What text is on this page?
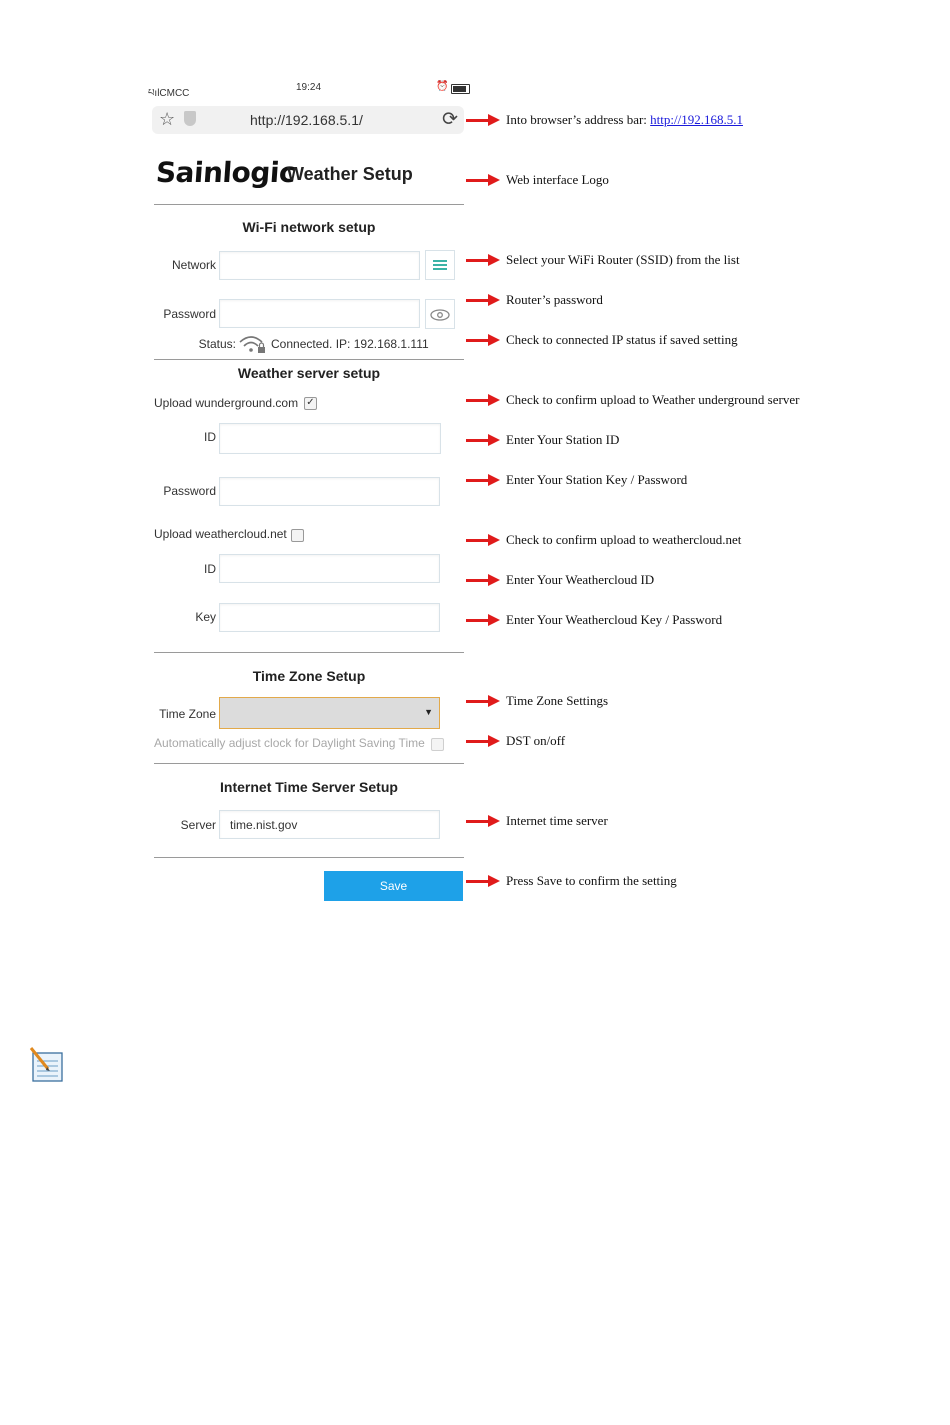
པılCMCC
19:24	⏰
☆	http://192.168.5.1/	⟳
Sainlogic
Weather Setup
Wi-Fi network setup
Network
Password
Status:	Connected. IP: 192.168.1.111
Weather server setup
Upload wunderground.com ✓
ID
Password
Upload weathercloud.net
ID
Key
Time Zone Setup
Time Zone	▼
Automatically adjust clock for Daylight Saving Time
Internet Time Server Setup
Server	time.nist.gov
Save
Into browser’s address bar: http://192.168.5.1
Web interface Logo
Select your WiFi Router (SSID) from the list
Router’s password
Check to connected IP status if saved setting
Check to confirm upload to Weather underground server
Enter Your Station ID
Enter Your Station Key / Password
Check to confirm upload to weathercloud.net
Enter Your Weathercloud ID
Enter Your Weathercloud Key / Password
Time Zone Settings
DST on/off
Internet time server
Press Save to confirm the setting
